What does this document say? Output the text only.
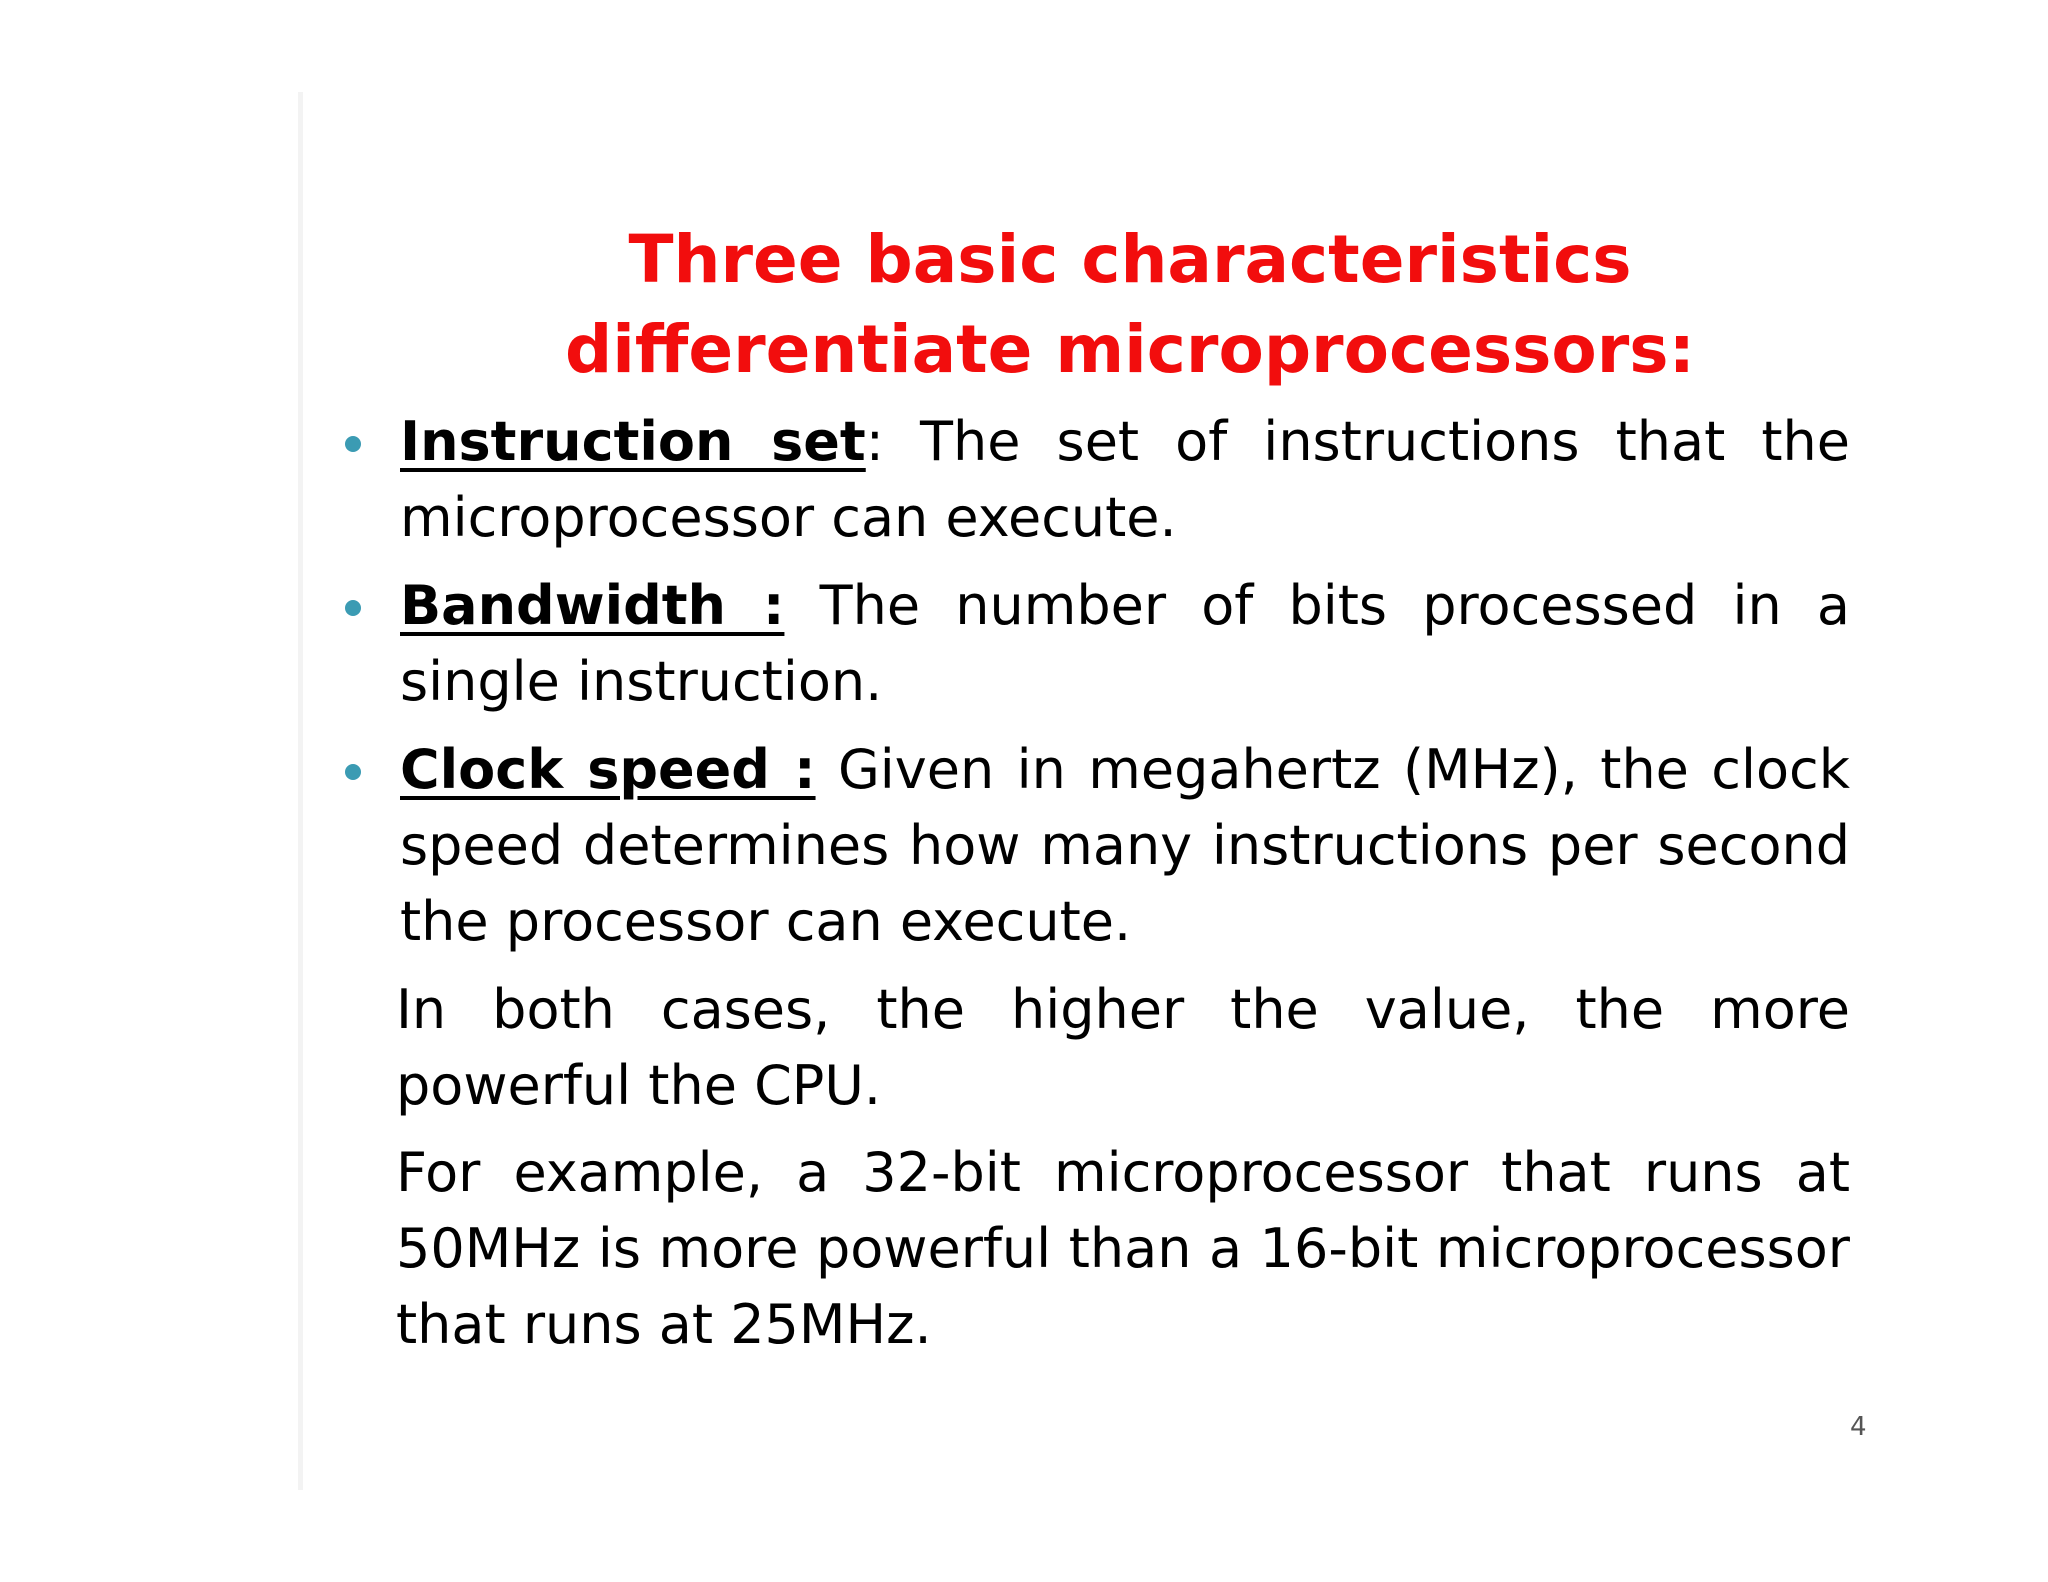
Three basic characteristics differentiate microprocessors:
Instruction set: The set of instructions that the microprocessor can execute.
Bandwidth : The number of bits processed in a single instruction.
Clock speed : Given in megahertz (MHz), the clock speed determines how many instructions per second the processor can execute.

In both cases, the higher the value, the more powerful the CPU.

For example, a 32-bit microprocessor that runs at 50MHz is more powerful than a 16-bit microprocessor that runs at 25MHz.

4
